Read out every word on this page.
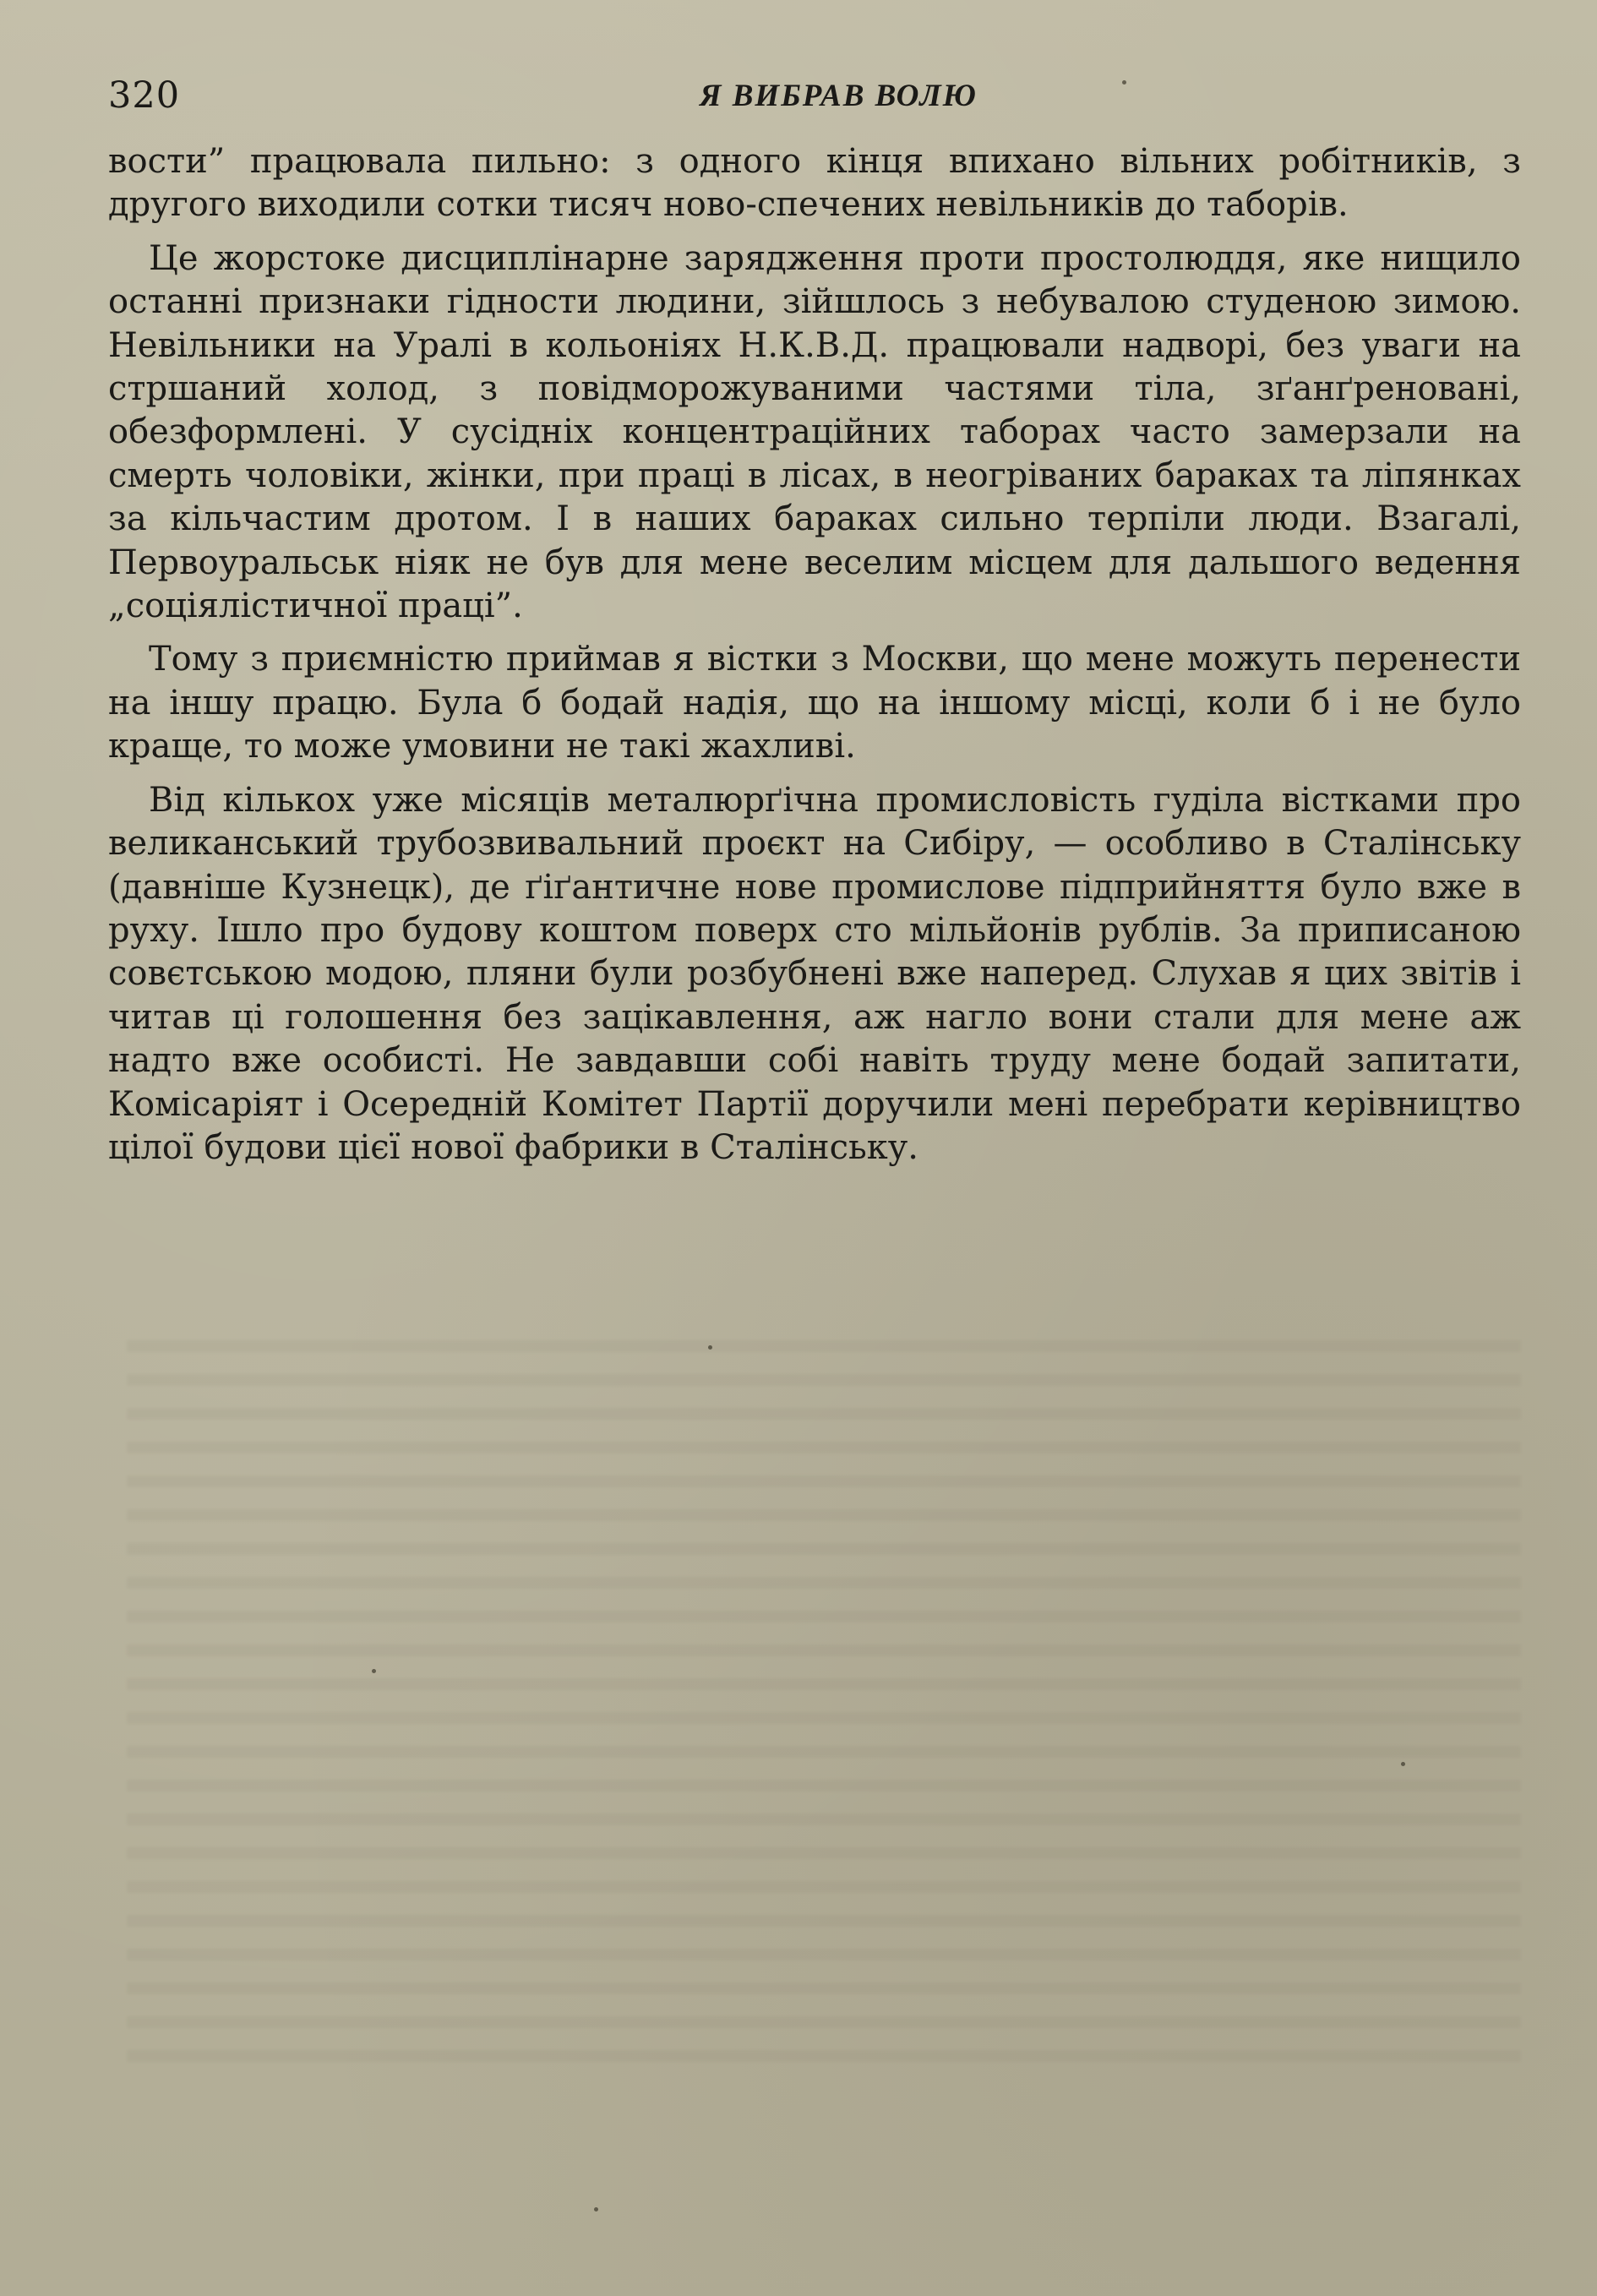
320	Я ВИБРАВ ВОЛЮ

вости” працювала пильно: з одного кінця впихано вільних робітників, з другого виходили сотки тисяч ново-спечених невільників до таборів.

Це жорстоке дисциплінарне зарядження проти простолюддя, яке нищило останні признаки гідности людини, зійшлось з небувалою студеною зимою. Невільники на Уралі в кольоніях Н.К.В.Д. працювали надворі, без уваги на стршаний холод, з повідморожуваними частями тіла, зґанґреновані, обезформлені. У сусідніх концентраційних таборах часто замерзали на смерть чоловіки, жінки, при праці в лісах, в неогріваних бараках та ліпянках за кільчастим дротом. І в наших бараках сильно терпіли люди. Взагалі, Первоуральськ ніяк не був для мене веселим місцем для дальшого ведення „соціялістичної праці”.

Тому з приємністю приймав я вістки з Москви, що мене можуть перенести на іншу працю. Була б бодай надія, що на іншому місці, коли б і не було краще, то може умовини не такі жахливі.

Від кількох уже місяців металюрґічна промисловість гуділа вістками про великанський трубозвивальний проєкт на Сибіру, — особливо в Сталінську (давніше Кузнецк), де ґіґантичне нове промислове підприйняття було вже в руху. Ішло про будову коштом поверх сто мільйонів рублів. За приписаною совєтською модою, пляни були розбубнені вже наперед. Слухав я цих звітів і читав ці голошення без зацікавлення, аж нагло вони стали для мене аж надто вже особисті. Не завдавши собі навіть труду мене бодай запитати, Комісаріят і Осередній Комітет Партії доручили мені перебрати керівництво цілої будови цієї нової фабрики в Сталінську.
